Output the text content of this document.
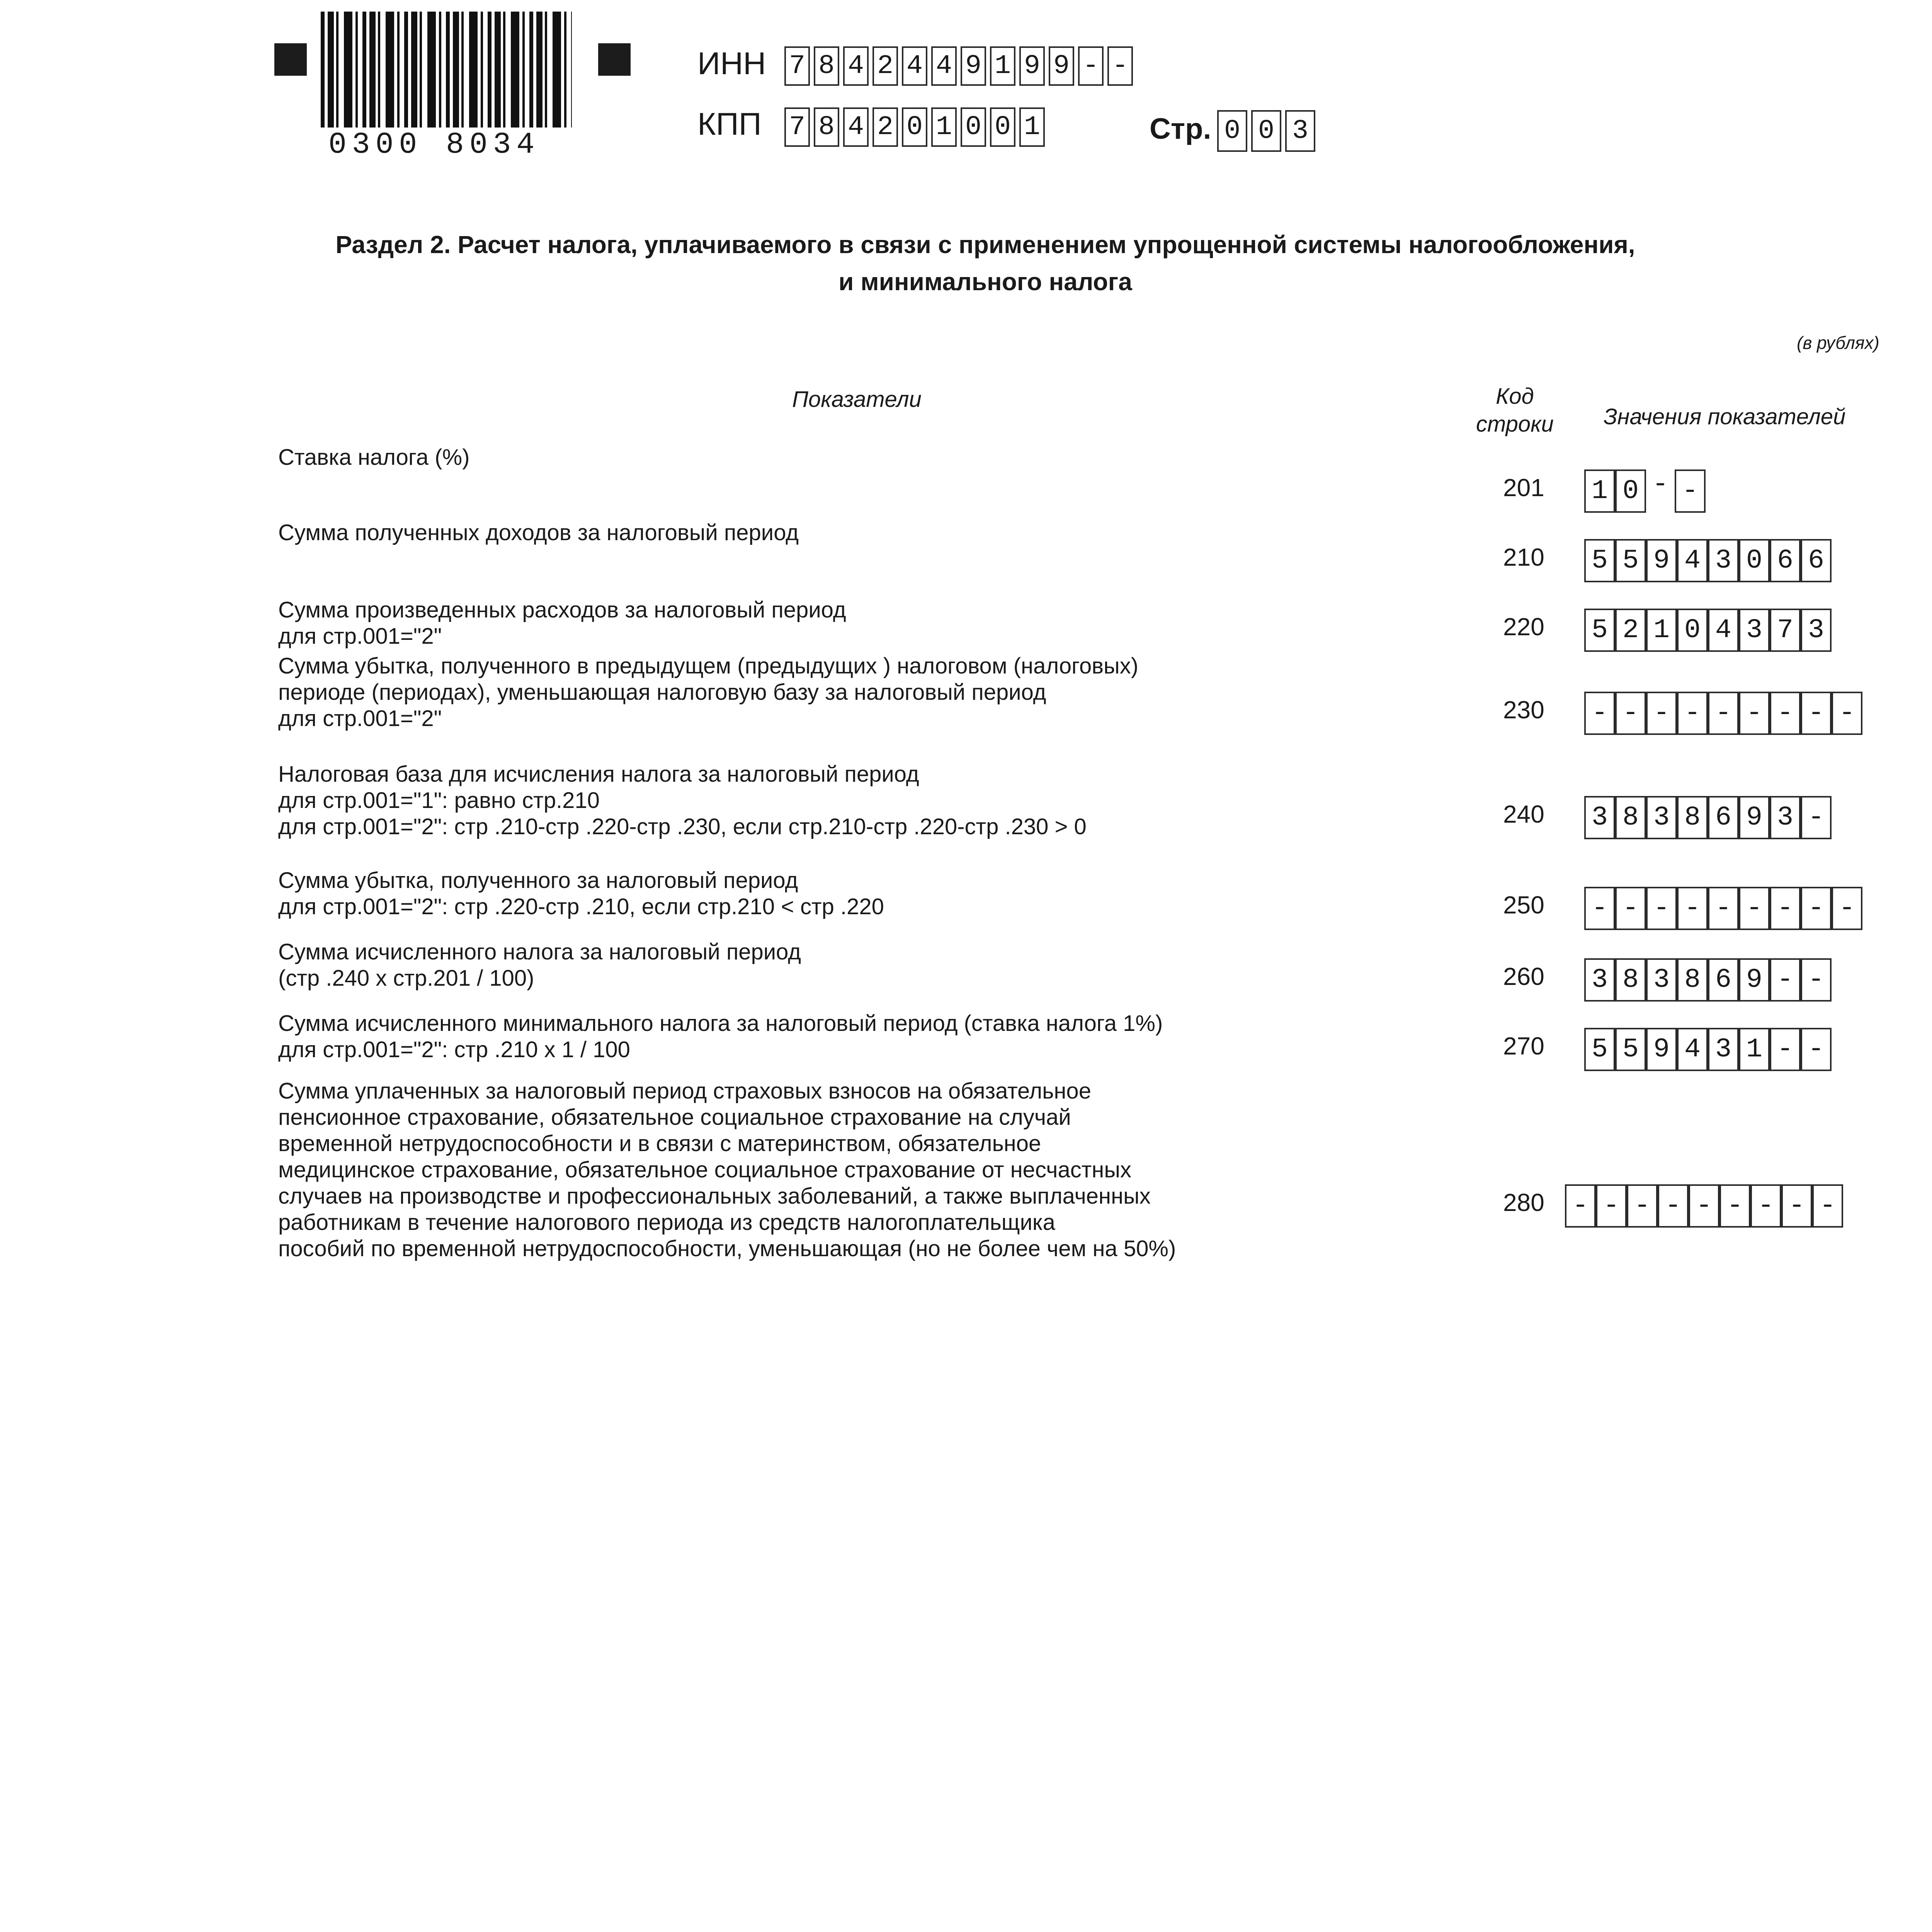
0300 8034
ИНН 7 8 4 2 4 4 9 1 9 9 - -
КПП 7 8 4 2 0 1 0 0 1	Стр. 0 0 3
Раздел 2. Расчет налога, уплачиваемого в связи с применением упрощенной системы налогообложения,
и минимального налога
(в рублях)
Показатели	Код
строки Значения показателей
Ставка налога (%)
201 1 0 - -
Сумма полученных доходов за налоговый период
210 5 5 9 4 3 0 6 6
Сумма произведенных расходов за налоговый период
для стр.001="2"	220 5 2 1 0 4 3 7 3
Сумма убытка, полученного в предыдущем (предыдущих ) налоговом (налоговых)
периоде (периодах), уменьшающая налоговую базу за налоговый период
для стр.001="2"	230 - - - - - - - - -
Налоговая база для исчисления налога за налоговый период
для стр.001="1": равно стр.210
для стр.001="2": стр .210-стр .220-стр .230, если стр.210-стр .220-стр .230 > 0	240 3 8 3 8 6 9 3 -
Сумма убытка, полученного за налоговый период
для стр.001="2": стр .220-стр .210, если стр.210 < стр .220	250 - - - - - - - - -
Сумма исчисленного налога за налоговый период
(стр .240 х стр.201 / 100)	260 3 8 3 8 6 9 - -
Сумма исчисленного минимального налога за налоговый период (ставка налога 1%)
для стр.001="2": стр .210 х 1 / 100	270 5 5 9 4 3 1 - -
Сумма уплаченных за налоговый период страховых взносов на обязательное
пенсионное страхование, обязательное социальное страхование на случай
временной нетрудоспособности и в связи с материнством, обязательное
медицинское страхование, обязательное социальное страхование от несчастных
случаев на производстве и профессиональных заболеваний, а также выплаченных
работникам в течение налогового периода из средств налогоплательщика
пособий по временной нетрудоспособности, уменьшающая (но не более чем на 50%)
280 - - - - - - - - -
